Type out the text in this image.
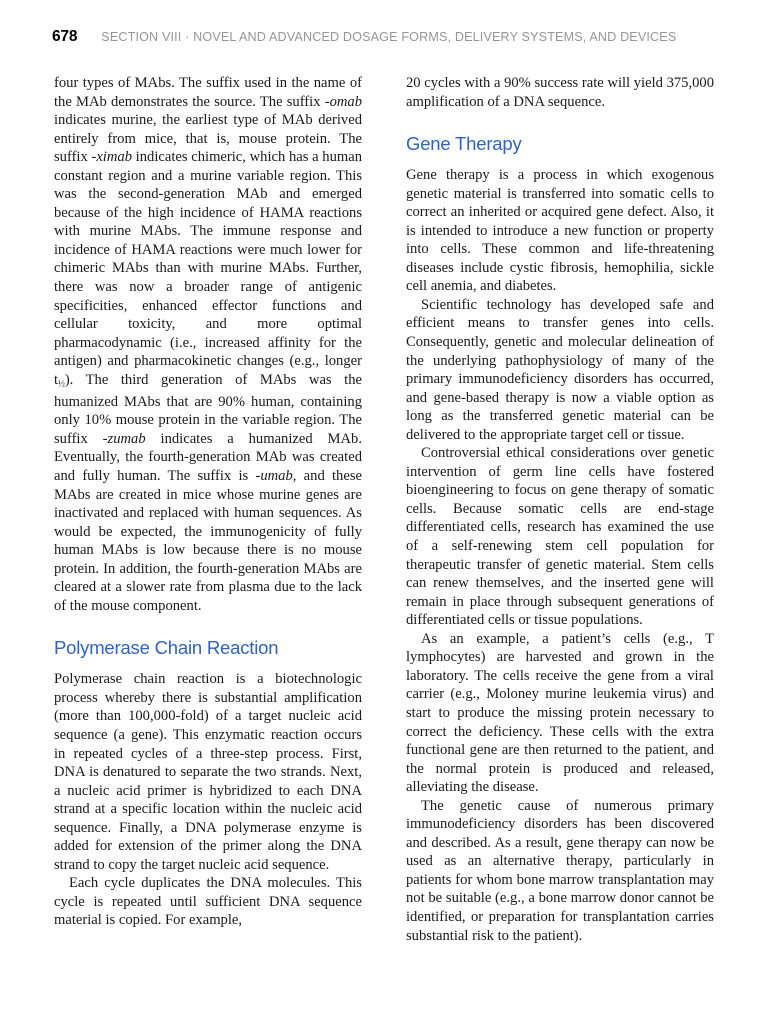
678 SECTION VIII · NOVEL AND ADVANCED DOSAGE FORMS, DELIVERY SYSTEMS, AND DEVICES

four types of MAbs. The suffix used in the name of the MAb demonstrates the source. The suffix -omab indicates murine, the earliest type of MAb derived entirely from mice, that is, mouse protein. The suffix -ximab indicates chimeric, which has a human constant region and a murine variable region. This was the second-generation MAb and emerged because of the high incidence of HAMA reactions with murine MAbs. The immune response and incidence of HAMA reactions were much lower for chimeric MAbs than with murine MAbs. Further, there was now a broader range of antigenic specificities, enhanced effector functions and cellular toxicity, and more optimal pharmacodynamic (i.e., increased affinity for the antigen) and pharmacokinetic changes (e.g., longer t½). The third generation of MAbs was the humanized MAbs that are 90% human, containing only 10% mouse protein in the variable region. The suffix -zumab indicates a humanized MAb. Eventually, the fourth-generation MAb was created and fully human. The suffix is -umab, and these MAbs are created in mice whose murine genes are inactivated and replaced with human sequences. As would be expected, the immunogenicity of fully human MAbs is low because there is no mouse protein. In addition, the fourth-generation MAbs are cleared at a slower rate from plasma due to the lack of the mouse component.

Polymerase Chain Reaction

Polymerase chain reaction is a biotechnologic process whereby there is substantial amplification (more than 100,000-fold) of a target nucleic acid sequence (a gene). This enzymatic reaction occurs in repeated cycles of a three-step process. First, DNA is denatured to separate the two strands. Next, a nucleic acid primer is hybridized to each DNA strand at a specific location within the nucleic acid sequence. Finally, a DNA polymerase enzyme is added for extension of the primer along the DNA strand to copy the target nucleic acid sequence.

Each cycle duplicates the DNA molecules. This cycle is repeated until sufficient DNA sequence material is copied. For example,

20 cycles with a 90% success rate will yield 375,000 amplification of a DNA sequence.

Gene Therapy

Gene therapy is a process in which exogenous genetic material is transferred into somatic cells to correct an inherited or acquired gene defect. Also, it is intended to introduce a new function or property into cells. These common and life-threatening diseases include cystic fibrosis, hemophilia, sickle cell anemia, and diabetes.

Scientific technology has developed safe and efficient means to transfer genes into cells. Consequently, genetic and molecular delineation of the underlying pathophysiology of many of the primary immunodeficiency disorders has occurred, and gene-based therapy is now a viable option as long as the transferred genetic material can be delivered to the appropriate target cell or tissue.

Controversial ethical considerations over genetic intervention of germ line cells have fostered bioengineering to focus on gene therapy of somatic cells. Because somatic cells are end-stage differentiated cells, research has examined the use of a self-renewing stem cell population for therapeutic transfer of genetic material. Stem cells can renew themselves, and the inserted gene will remain in place through subsequent generations of differentiated cells or tissue populations.

As an example, a patient’s cells (e.g., T lymphocytes) are harvested and grown in the laboratory. The cells receive the gene from a viral carrier (e.g., Moloney murine leukemia virus) and start to produce the missing protein necessary to correct the deficiency. These cells with the extra functional gene are then returned to the patient, and the normal protein is produced and released, alleviating the disease.

The genetic cause of numerous primary immunodeficiency disorders has been discovered and described. As a result, gene therapy can now be used as an alternative therapy, particularly in patients for whom bone marrow transplantation may not be suitable (e.g., a bone marrow donor cannot be identified, or preparation for transplantation carries substantial risk to the patient).
